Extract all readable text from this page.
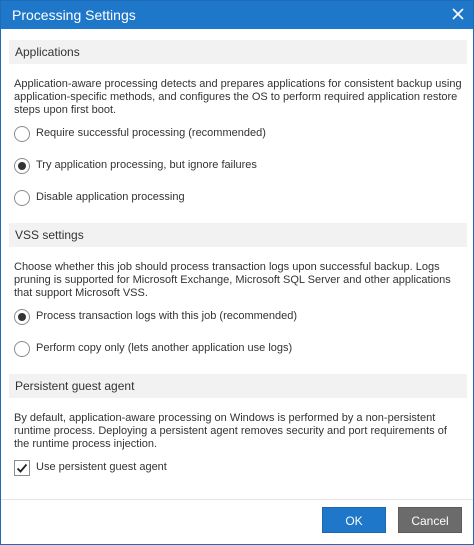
Processing Settings
Applications
Application-aware processing detects and prepares applications for consistent backup using application-specific methods, and configures the OS to perform required application restore steps upon first boot.
Require successful processing (recommended)
Try application processing, but ignore failures
Disable application processing
VSS settings
Choose whether this job should process transaction logs upon successful backup. Logs pruning is supported for Microsoft Exchange, Microsoft SQL Server and other applications that support Microsoft VSS.
Process transaction logs with this job (recommended)
Perform copy only (lets another application use logs)
Persistent guest agent
By default, application-aware processing on Windows is performed by a non-persistent runtime process. Deploying a persistent agent removes security and port requirements of the runtime process injection.
Use persistent guest agent
OK	Cancel
